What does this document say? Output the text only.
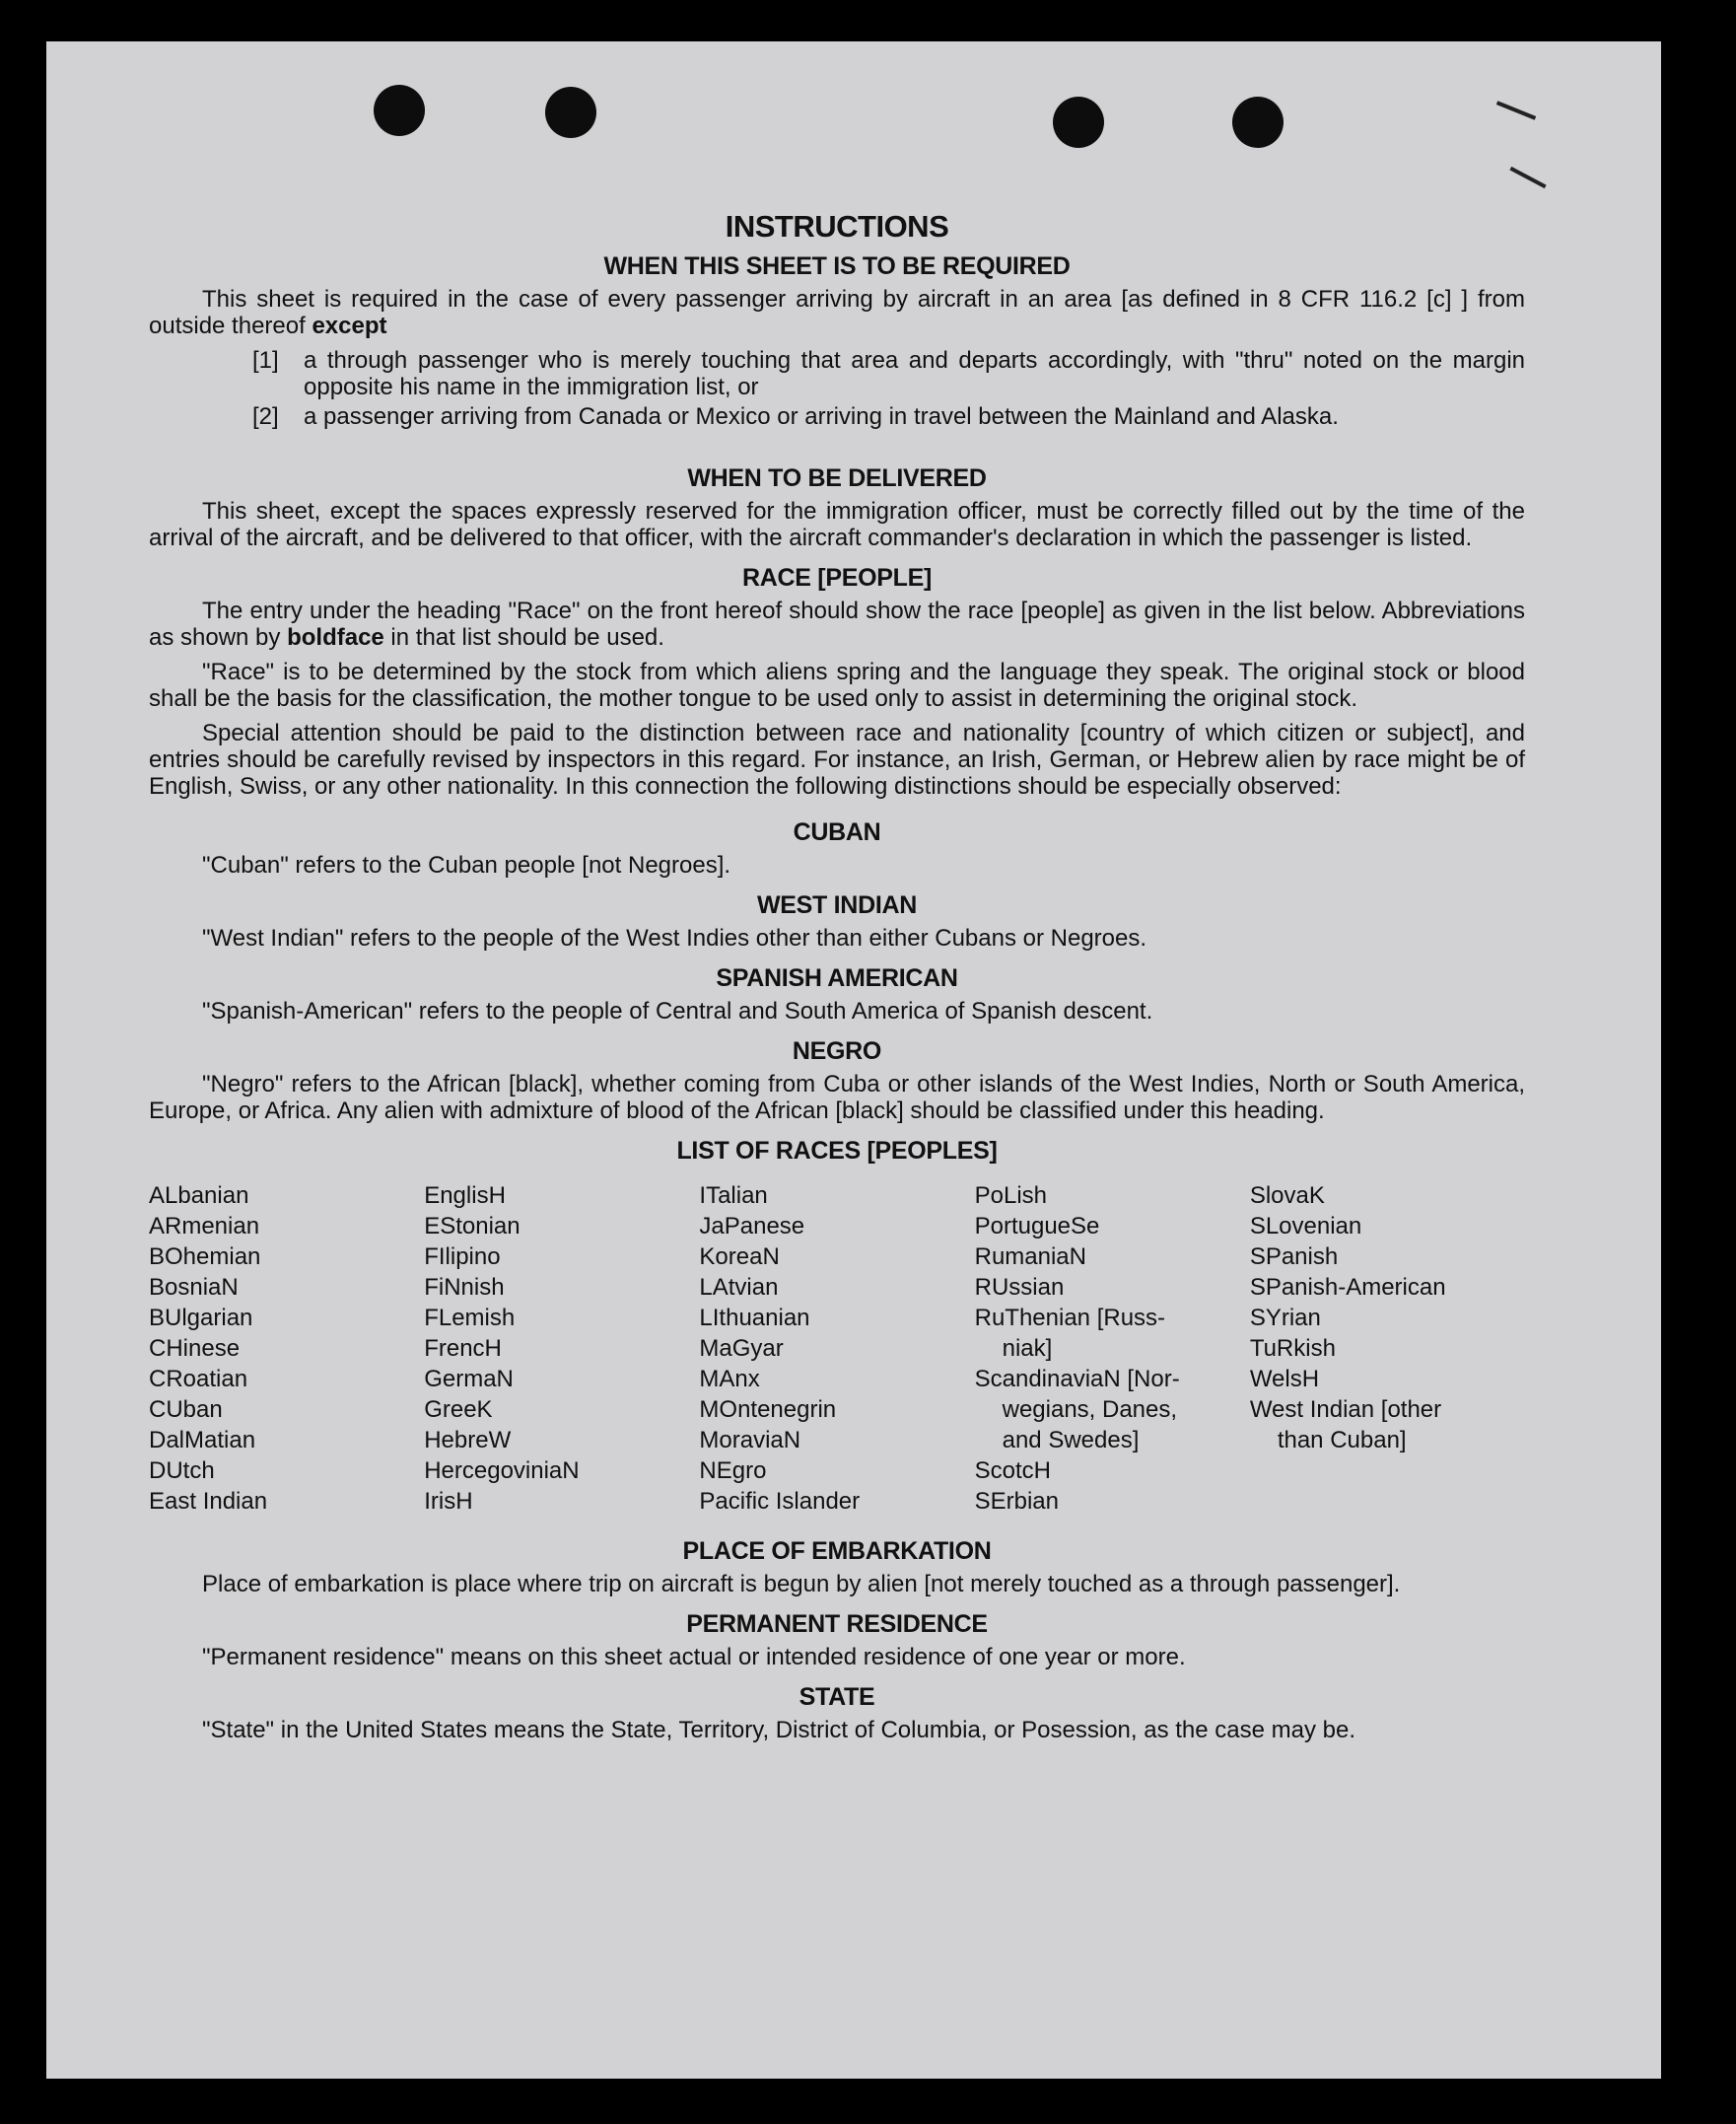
INSTRUCTIONS
WHEN THIS SHEET IS TO BE REQUIRED
This sheet is required in the case of every passenger arriving by aircraft in an area [as defined in 8 CFR 116.2 [c] ] from outside thereof except
[1]	a through passenger who is merely touching that area and departs accordingly, with "thru" noted on the margin opposite his name in the immigration list, or
[2]	a passenger arriving from Canada or Mexico or arriving in travel between the Mainland and Alaska.
WHEN TO BE DELIVERED
This sheet, except the spaces expressly reserved for the immigration officer, must be correctly filled out by the time of the arrival of the aircraft, and be delivered to that officer, with the aircraft commander's declaration in which the passenger is listed.
RACE [PEOPLE]
The entry under the heading "Race" on the front hereof should show the race [people] as given in the list below. Abbreviations as shown by boldface in that list should be used.
"Race" is to be determined by the stock from which aliens spring and the language they speak. The original stock or blood shall be the basis for the classification, the mother tongue to be used only to assist in determining the original stock.
Special attention should be paid to the distinction between race and nationality [country of which citizen or subject], and entries should be carefully revised by inspectors in this regard. For instance, an Irish, German, or Hebrew alien by race might be of English, Swiss, or any other nationality. In this connection the following distinctions should be especially observed:
CUBAN
"Cuban" refers to the Cuban people [not Negroes].
WEST INDIAN
"West Indian" refers to the people of the West Indies other than either Cubans or Negroes.
SPANISH AMERICAN
"Spanish-American" refers to the people of Central and South America of Spanish descent.
NEGRO
"Negro" refers to the African [black], whether coming from Cuba or other islands of the West Indies, North or South America, Europe, or Africa. Any alien with admixture of blood of the African [black] should be classified under this heading.
LIST OF RACES [PEOPLES]
ALbanian
ARmenian
BOhemian
BosniaN
BUlgarian
CHinese
CRoatian
CUban
DalMatian
DUtch
East Indian
EnglisH
EStonian
FIlipino
FiNnish
FLemish
FrencH
GermaN
GreeK
HebreW
HercegoviniaN
IrisH
ITalian
JaPanese
KoreaN
LAtvian
LIthuanian
MaGyar
MAnx
MOntenegrin
MoraviaN
NEgro
Pacific Islander
PoLish
PortugueSe
RumaniaN
RUssian
RuThenian [Russ-
niak]
ScandinaviaN [Nor-
wegians, Danes,
and Swedes]
ScotcH
SErbian
SlovaK
SLovenian
SPanish
SPanish-American
SYrian
TuRkish
WelsH
West Indian [other
than Cuban]
PLACE OF EMBARKATION
Place of embarkation is place where trip on aircraft is begun by alien [not merely touched as a through passenger].
PERMANENT RESIDENCE
"Permanent residence" means on this sheet actual or intended residence of one year or more.
STATE
"State" in the United States means the State, Territory, District of Columbia, or Posession, as the case may be.
